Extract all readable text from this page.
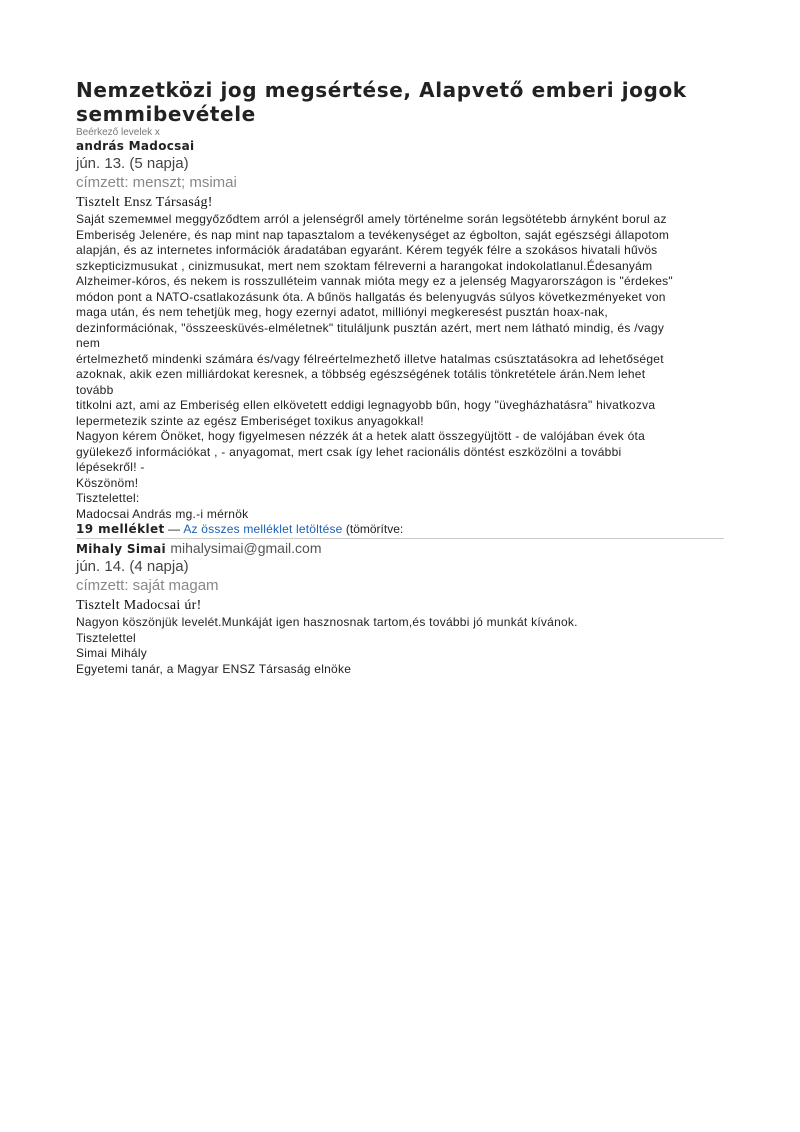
Nemzetközi jog megsértése, Alapvető emberi jogok semmibevétele
Beérkező levelek x
andrás Madocsai
jún. 13. (5 napja)
címzett: menszt; msimai
Tisztelt Ensz Társaság!

Saját szemeммel meggyőződtem arról a jelenségről amely történelme során legsötétebb árnyként borul az

Emberiség Jelenére, és nap mint nap tapasztalom a tevékenységet az égbolton, saját egészségi állapotom

alapján, és az internetes információk áradatában egyaránt. Kérem tegyék félre a szokásos hivatali hűvös

szkepticizmusukat , cinizmusukat, mert nem szoktam félreverni a harangokat indokolatlanul.Édesanyám

Alzheimer-kóros, és nekem is rosszulléteim vannak mióta megy ez a jelenség Magyarországon is "érdekes"

módon pont a NATO-csatlakozásunk óta. A bűnös hallgatás és belenyugvás súlyos következményeket von

maga után, és nem tehetjük meg, hogy ezernyi adatot, milliónyi megkeresést pusztán hoax-nak,

dezinformációnak, "összeesküvés-elméletnek" tituláljunk pusztán azért, mert nem látható mindig, és /vagy

nem

értelmezhető mindenki számára és/vagy félreértelmezhető illetve hatalmas csúsztatásokra ad lehetőséget

azoknak, akik ezen milliárdokat keresnek, a többség egészségének totális tönkretétele árán.Nem lehet

tovább

titkolni azt, ami az Emberiség ellen elkövetett eddigi legnagyobb bűn, hogy "üvegházhatásra" hivatkozva

lepermetezik szinte az egész Emberiséget toxikus anyagokkal!

Nagyon kérem Önöket, hogy figyelmesen nézzék át a hetek alatt összegyüjtött - de valójában évek óta

gyülekező információkat , - anyagomat, mert csak így lehet racionális döntést eszközölni a további

lépésekről! -

Köszönöm!

Tisztelettel:

Madocsai András mg.-i mérnök

19 melléklet — Az összes melléklet letöltése (tömörítve:
Mihaly Simai mihalysimai@gmail.com
jún. 14. (4 napja)
címzett: saját magam
Tisztelt Madocsai úr!

Nagyon köszönjük levelét.Munkáját igen hasznosnak tartom,és további jó munkát kívánok.

Tisztelettel

Simai Mihály

Egyetemi tanár, a Magyar ENSZ Társaság elnöke
